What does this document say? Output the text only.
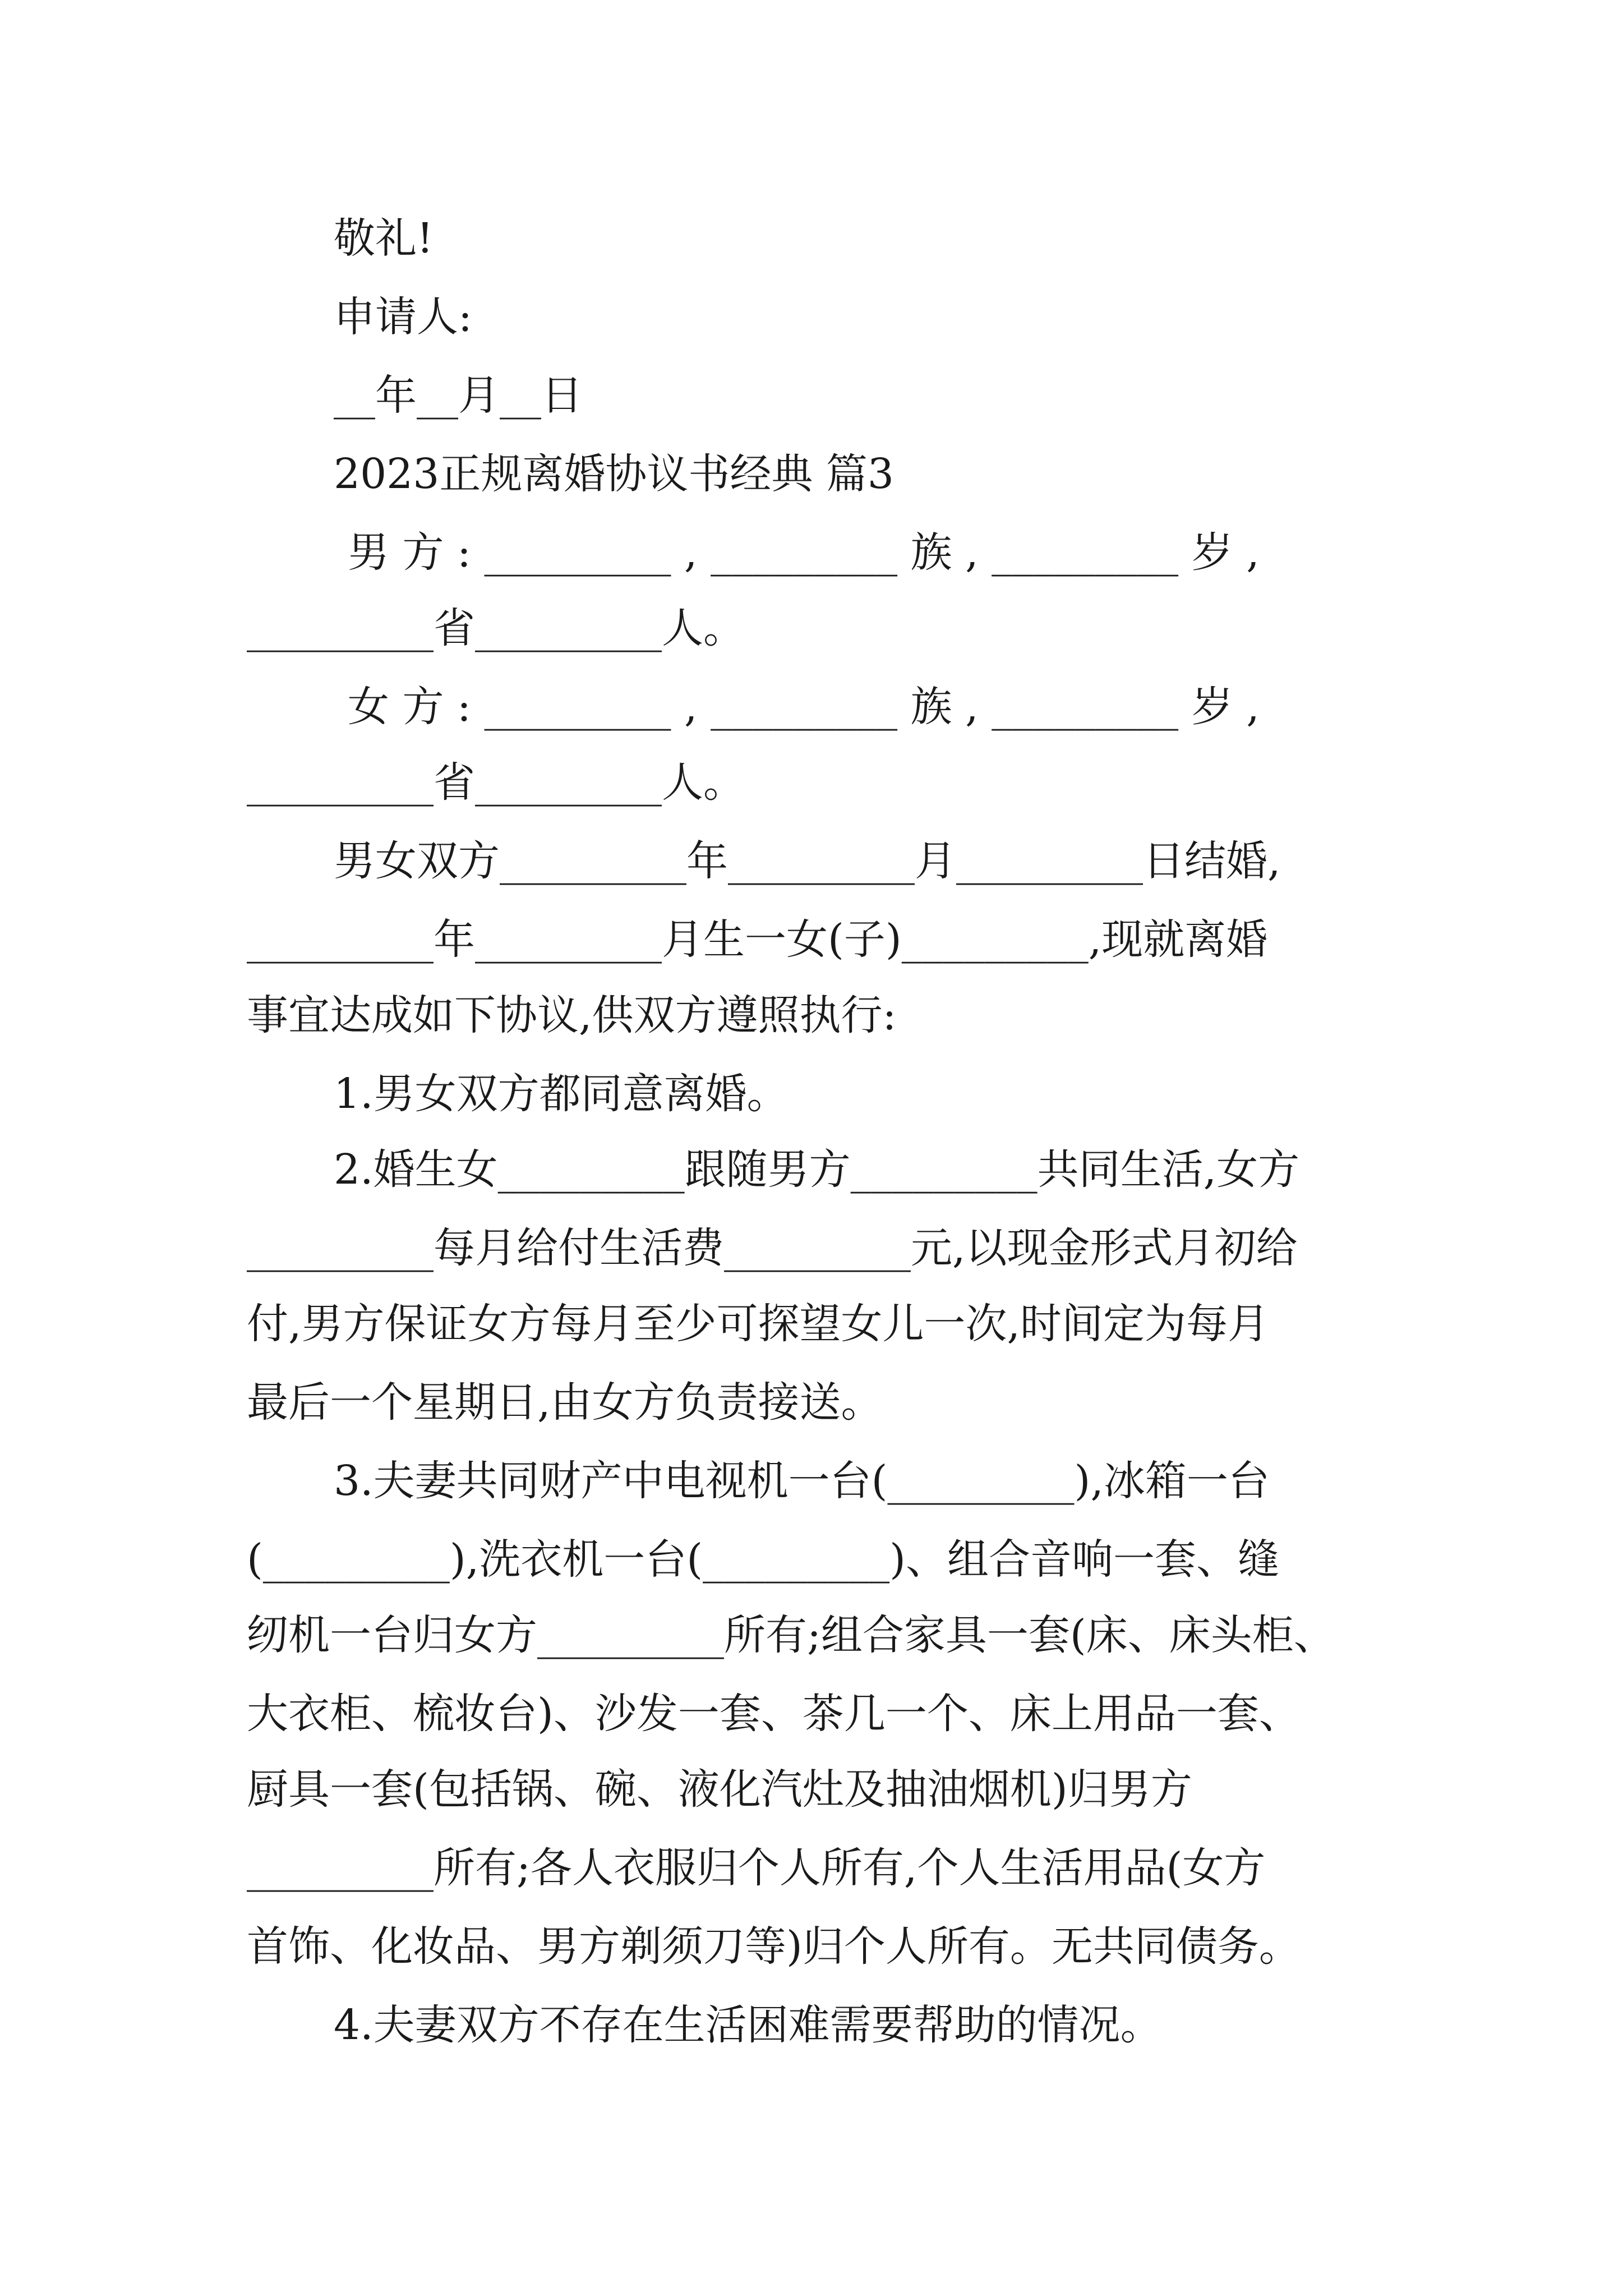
敬礼!
申请人:
__年__月__日
2023正规离婚协议书经典 篇3
男 方 : _________ , _________ 族 , _________ 岁 ,
_________省_________人。
女 方 : _________ , _________ 族 , _________ 岁 ,
_________省_________人。
男女双方_________年_________月_________日结婚,
_________年_________月生一女(子)_________,现就离婚
事宜达成如下协议,供双方遵照执行:
1.男女双方都同意离婚。
2.婚生女_________跟随男方_________共同生活,女方
_________每月给付生活费_________元,以现金形式月初给
付,男方保证女方每月至少可探望女儿一次,时间定为每月
最后一个星期日,由女方负责接送。
3.夫妻共同财产中电视机一台(_________),冰箱一台
(_________),洗衣机一台(_________)、组合音响一套、缝
纫机一台归女方_________所有;组合家具一套(床、床头柜、
大衣柜、梳妆台)、沙发一套、茶几一个、床上用品一套、
厨具一套(包括锅、碗、液化汽灶及抽油烟机)归男方
_________所有;各人衣服归个人所有,个人生活用品(女方
首饰、化妆品、男方剃须刀等)归个人所有。无共同债务。
4.夫妻双方不存在生活困难需要帮助的情况。
